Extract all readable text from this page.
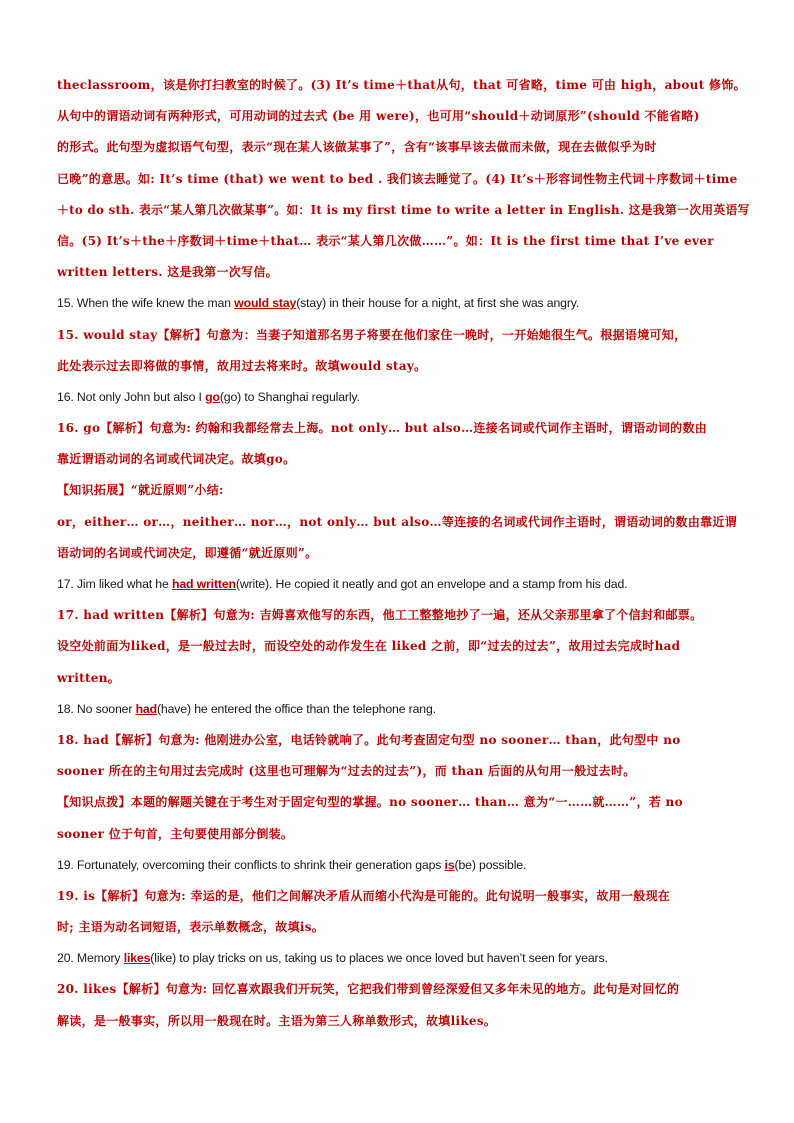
theclassroom，该是你打扫教室的时候了。(3) It’s time＋that从句，that 可省略，time 可由 high，about 修饰。
从句中的谓语动词有两种形式，可用动词的过去式 (be 用 were)，也可用“should＋动词原形”(should 不能省略)
的形式。此句型为虚拟语气句型，表示“现在某人该做某事了”，含有“该事早该去做而未做，现在去做似乎为时
已晚”的意思。如: It’s time (that) we went to bed . 我们该去睡觉了。(4) It’s＋形容词性物主代词＋序数词＋time
＋to do sth. 表示“某人第几次做某事”。如：It is my first time to write a letter in English. 这是我第一次用英语写
信。(5) It’s＋the＋序数词＋time＋that… 表示“某人第几次做……”。如：It is the first time that I’ve ever
written letters. 这是我第一次写信。
15. When the wife knew the man would stay(stay) in their house for a night, at first she was angry.
15. would stay【解析】句意为：当妻子知道那名男子将要在他们家住一晚时，一开始她很生气。根据语境可知，
此处表示过去即将做的事情，故用过去将来时。故填would stay。
16. Not only John but also I go(go) to Shanghai regularly.
16. go【解析】句意为: 约翰和我都经常去上海。not only… but also…连接名词或代词作主语时，谓语动词的数由
靠近谓语动词的名词或代词决定。故填go。
【知识拓展】“就近原则”小结:
or，either… or…，neither… nor…，not only… but also…等连接的名词或代词作主语时，谓语动词的数由靠近谓
语动词的名词或代词决定，即遵循“就近原则”。
17. Jim liked what he had written(write). He copied it neatly and got an envelope and a stamp from his dad.
17. had written【解析】句意为: 吉姆喜欢他写的东西，他工工整整地抄了一遍，还从父亲那里拿了个信封和邮票。
设空处前面为liked，是一般过去时，而设空处的动作发生在 liked 之前，即“过去的过去”，故用过去完成时had
written。
18. No sooner had(have) he entered the office than the telephone rang.
18. had【解析】句意为: 他刚进办公室，电话铃就响了。此句考查固定句型 no sooner… than，此句型中 no
sooner 所在的主句用过去完成时 (这里也可理解为“过去的过去”)，而 than 后面的从句用一般过去时。
【知识点拨】本题的解题关键在于考生对于固定句型的掌握。no sooner… than… 意为“一……就……”，若 no
sooner 位于句首，主句要使用部分倒装。
19. Fortunately, overcoming their conflicts to shrink their generation gaps is(be) possible.
19. is【解析】句意为: 幸运的是，他们之间解决矛盾从而缩小代沟是可能的。此句说明一般事实，故用一般现在
时; 主语为动名词短语，表示单数概念，故填is。
20. Memory likes(like) to play tricks on us, taking us to places we once loved but haven’t seen for years.
20. likes【解析】句意为: 回忆喜欢跟我们开玩笑，它把我们带到曾经深爱但又多年未见的地方。此句是对回忆的
解读，是一般事实，所以用一般现在时。主语为第三人称单数形式，故填likes。
